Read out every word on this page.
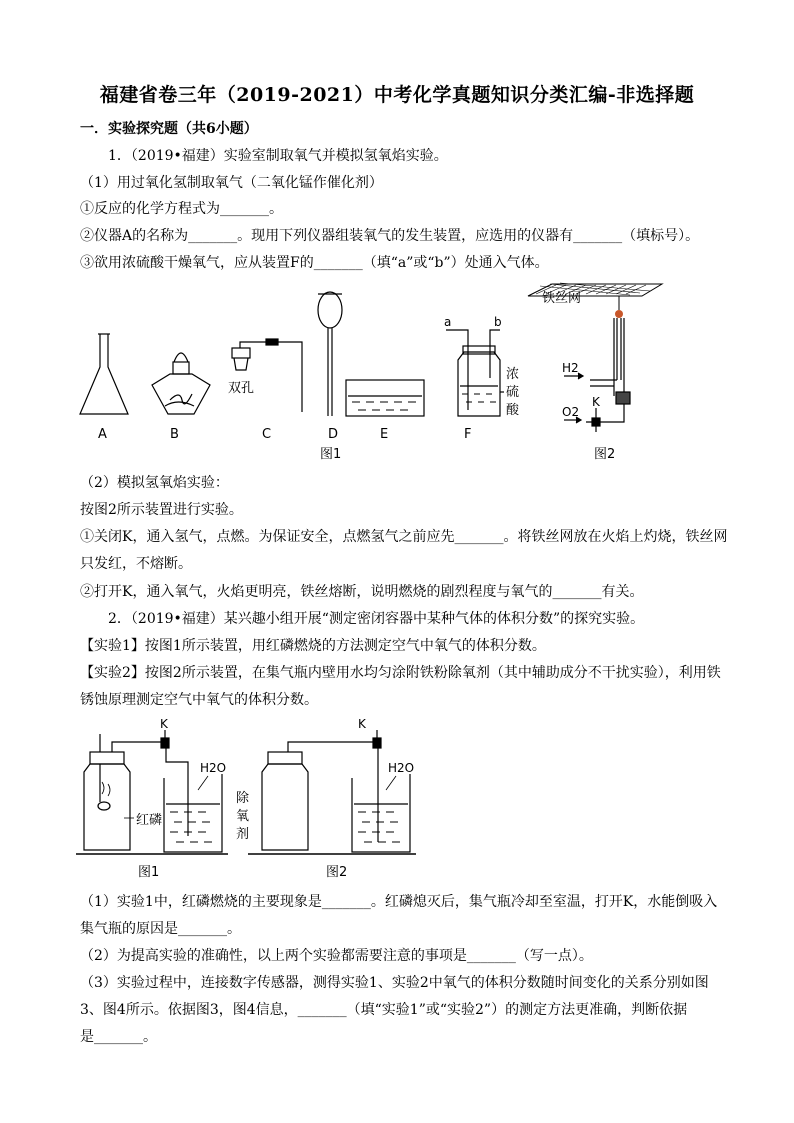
福建省卷三年（2019-2021）中考化学真题知识分类汇编-非选择题
一．实验探究题（共6小题）
1．（2019•福建）实验室制取氧气并模拟氢氧焰实验。
（1）用过氧化氢制取氧气（二氧化锰作催化剂）
①反应的化学方程式为_______。
②仪器A的名称为_______。现用下列仪器组装氧气的发生装置，应选用的仪器有_______（填标号）。
③欲用浓硫酸干燥氧气，应从装置F的_______（填“a”或“b”）处通入气体。
A	B	C
双孔
D	E	F
a	b
浓
硫
酸
图1
铁丝网
H2
O2
K
图2
（2）模拟氢氧焰实验：
按图2所示装置进行实验。
①关闭K，通入氢气，点燃。为保证安全，点燃氢气之前应先_______。将铁丝网放在火焰上灼烧，铁丝网
只发红，不熔断。
②打开K，通入氧气，火焰更明亮，铁丝熔断，说明燃烧的剧烈程度与氧气的_______有关。
2．（2019•福建）某兴趣小组开展“测定密闭容器中某种气体的体积分数”的探究实验。
【实验1】按图1所示装置，用红磷燃烧的方法测定空气中氧气的体积分数。
【实验2】按图2所示装置，在集气瓶内壁用水均匀涂附铁粉除氧剂（其中辅助成分不干扰实验），利用铁
锈蚀原理测定空气中氧气的体积分数。
K
H2O
红磷
图1
K
H2O
除
氧
剂
图2
（1）实验1中，红磷燃烧的主要现象是_______。红磷熄灭后，集气瓶冷却至室温，打开K，水能倒吸入
集气瓶的原因是_______。
（2）为提高实验的准确性，以上两个实验都需要注意的事项是_______（写一点）。
（3）实验过程中，连接数字传感器，测得实验1、实验2中氧气的体积分数随时间变化的关系分别如图
3、图4所示。依据图3，图4信息，_______（填“实验1”或“实验2”）的测定方法更准确，判断依据
是_______。
